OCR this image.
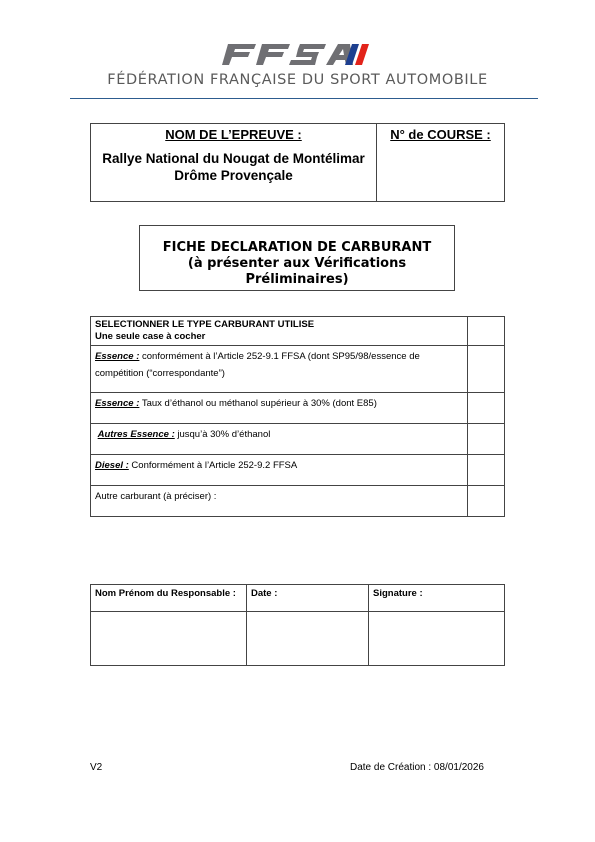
FÉDÉRATION FRANÇAISE DU SPORT AUTOMOBILE
NOM DE L’EPREUVE :
Rallye National du Nougat de Montélimar
Drôme Provençale

N° de COURSE :
FICHE DECLARATION DE CARBURANT
(à présenter aux Vérifications
Préliminaires)
SELECTIONNER LE TYPE CARBURANT UTILISE
Une seule case à cocher	

Essence : conformément à l’Article 252-9.1 FFSA (dont SP95/98/essence de compétition (“correspondante”)	
Essence : Taux d’éthanol ou méthanol supérieur à 30% (dont E85)	
Autres Essence : jusqu’à 30% d’éthanol	
Diesel : Conformément à l’Article 252-9.2 FFSA	
Autre carburant (à préciser) :	
Nom Prénom du Responsable :	Date :	Signature :

V2	Date de Création : 08/01/2026
